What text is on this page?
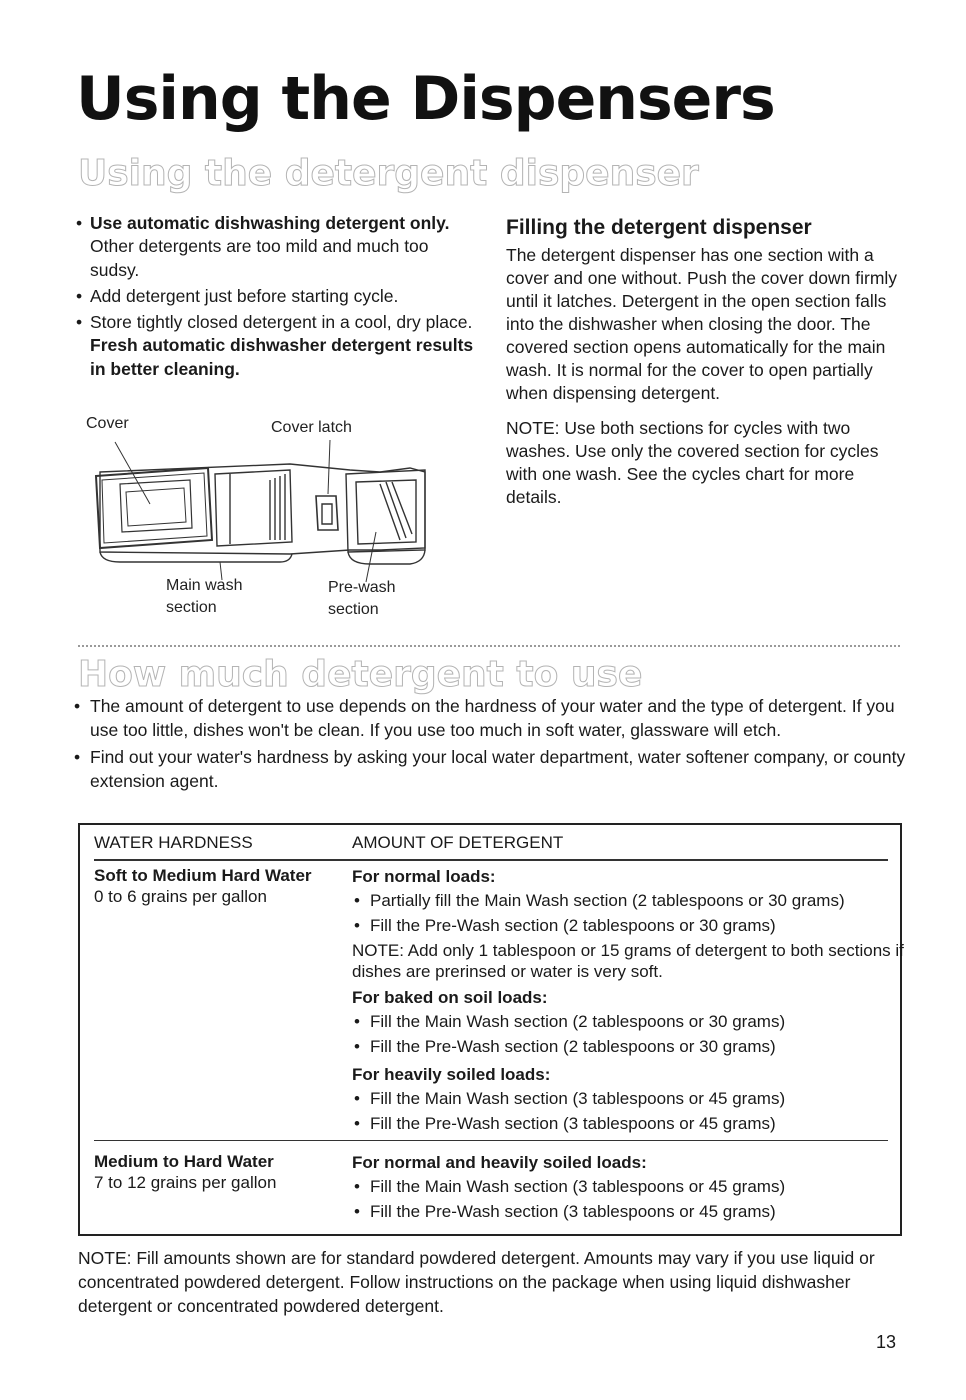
Using the Dispensers
Using the detergent dispenser
• Use automatic dishwashing detergent only. Other detergents are too mild and much too sudsy.
• Add detergent just before starting cycle.
• Store tightly closed detergent in a cool, dry place. Fresh automatic dishwasher detergent results in better cleaning.
Cover	Cover latch
Main wash
section
Pre-wash
section
Filling the detergent dispenser

The detergent dispenser has one section with a cover and one without. Push the cover down firmly until it latches. Detergent in the open section falls into the dishwasher when closing the door. The covered section opens automatically for the main wash. It is normal for the cover to open partially when dispensing detergent.

NOTE: Use both sections for cycles with two washes. Use only the covered section for cycles with one wash. See the cycles chart for more details.

How much detergent to use
• The amount of detergent to use depends on the hardness of your water and the type of detergent. If you use too little, dishes won't be clean. If you use too much in soft water, glassware will etch.
• Find out your water's hardness by asking your local water department, water softener company, or county extension agent.
WATER HARDNESS	AMOUNT OF DETERGENT
Soft to Medium Hard Water
0 to 6 grains per gallon
For normal loads:
• Partially fill the Main Wash section (2 tablespoons or 30 grams)
• Fill the Pre-Wash section (2 tablespoons or 30 grams)
NOTE: Add only 1 tablespoon or 15 grams of detergent to both sections if dishes are prerinsed or water is very soft.
For baked on soil loads:
• Fill the Main Wash section (2 tablespoons or 30 grams)
• Fill the Pre-Wash section (2 tablespoons or 30 grams)
For heavily soiled loads:
• Fill the Main Wash section (3 tablespoons or 45 grams)
• Fill the Pre-Wash section (3 tablespoons or 45 grams)
Medium to Hard Water
7 to 12 grains per gallon
For normal and heavily soiled loads:
• Fill the Main Wash section (3 tablespoons or 45 grams)
• Fill the Pre-Wash section (3 tablespoons or 45 grams)

NOTE: Fill amounts shown are for standard powdered detergent. Amounts may vary if you use liquid or concentrated powdered detergent. Follow instructions on the package when using liquid dishwasher detergent or concentrated powdered detergent.

13
